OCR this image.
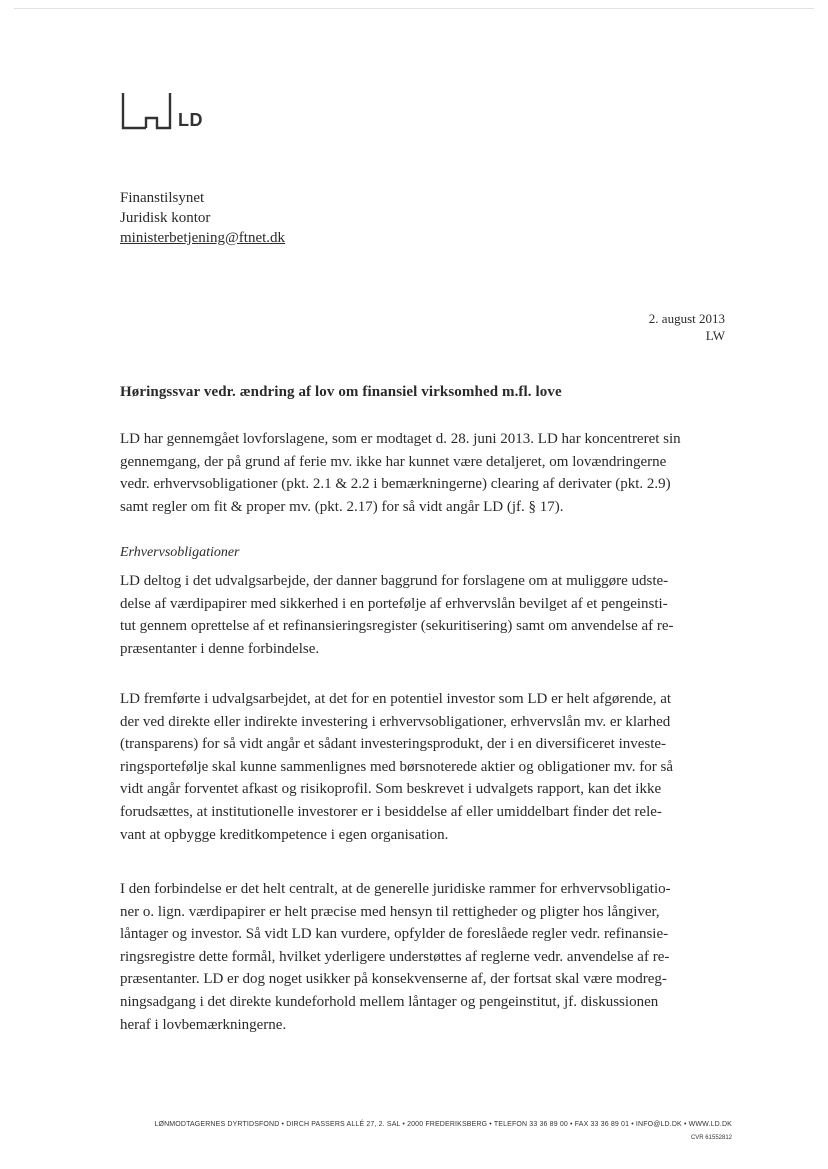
LD
Finanstilsynet
Juridisk kontor
ministerbetjening@ftnet.dk
2. august 2013
LW
Høringssvar vedr. ændring af lov om finansiel virksomhed m.fl. love
LD har gennemgået lovforslagene, som er modtaget d. 28. juni 2013. LD har koncentreret sin
gennemgang, der på grund af ferie mv. ikke har kunnet være detaljeret, om lovændringerne
vedr. erhvervsobligationer (pkt. 2.1 & 2.2 i bemærkningerne) clearing af derivater (pkt. 2.9)
samt regler om fit & proper mv. (pkt. 2.17) for så vidt angår LD (jf. § 17).
Erhvervsobligationer
LD deltog i det udvalgsarbejde, der danner baggrund for forslagene om at muliggøre udste-
delse af værdipapirer med sikkerhed i en portefølje af erhvervslån bevilget af et pengeinsti-
tut gennem oprettelse af et refinansieringsregister (sekuritisering) samt om anvendelse af re-
præsentanter i denne forbindelse.
LD fremførte i udvalgsarbejdet, at det for en potentiel investor som LD er helt afgørende, at
der ved direkte eller indirekte investering i erhvervsobligationer, erhvervslån mv. er klarhed
(transparens) for så vidt angår et sådant investeringsprodukt, der i en diversificeret investe-
ringsportefølje skal kunne sammenlignes med børsnoterede aktier og obligationer mv. for så
vidt angår forventet afkast og risikoprofil. Som beskrevet i udvalgets rapport, kan det ikke
forudsættes, at institutionelle investorer er i besiddelse af eller umiddelbart finder det rele-
vant at opbygge kreditkompetence i egen organisation.
I den forbindelse er det helt centralt, at de generelle juridiske rammer for erhvervsobligatio-
ner o. lign. værdipapirer er helt præcise med hensyn til rettigheder og pligter hos långiver,
låntager og investor. Så vidt LD kan vurdere, opfylder de foreslåede regler vedr. refinansie-
ringsregistre dette formål, hvilket yderligere understøttes af reglerne vedr. anvendelse af re-
præsentanter. LD er dog noget usikker på konsekvenserne af, der fortsat skal være modreg-
ningsadgang i det direkte kundeforhold mellem låntager og pengeinstitut, jf. diskussionen
heraf i lovbemærkningerne.
LØNMODTAGERNES DYRTIDSFOND • DIRCH PASSERS ALLÉ 27, 2. SAL • 2000 FREDERIKSBERG • TELEFON 33 36 89 00 • FAX 33 36 89 01 • INFO@LD.DK • WWW.LD.DK
CVR 61552812
